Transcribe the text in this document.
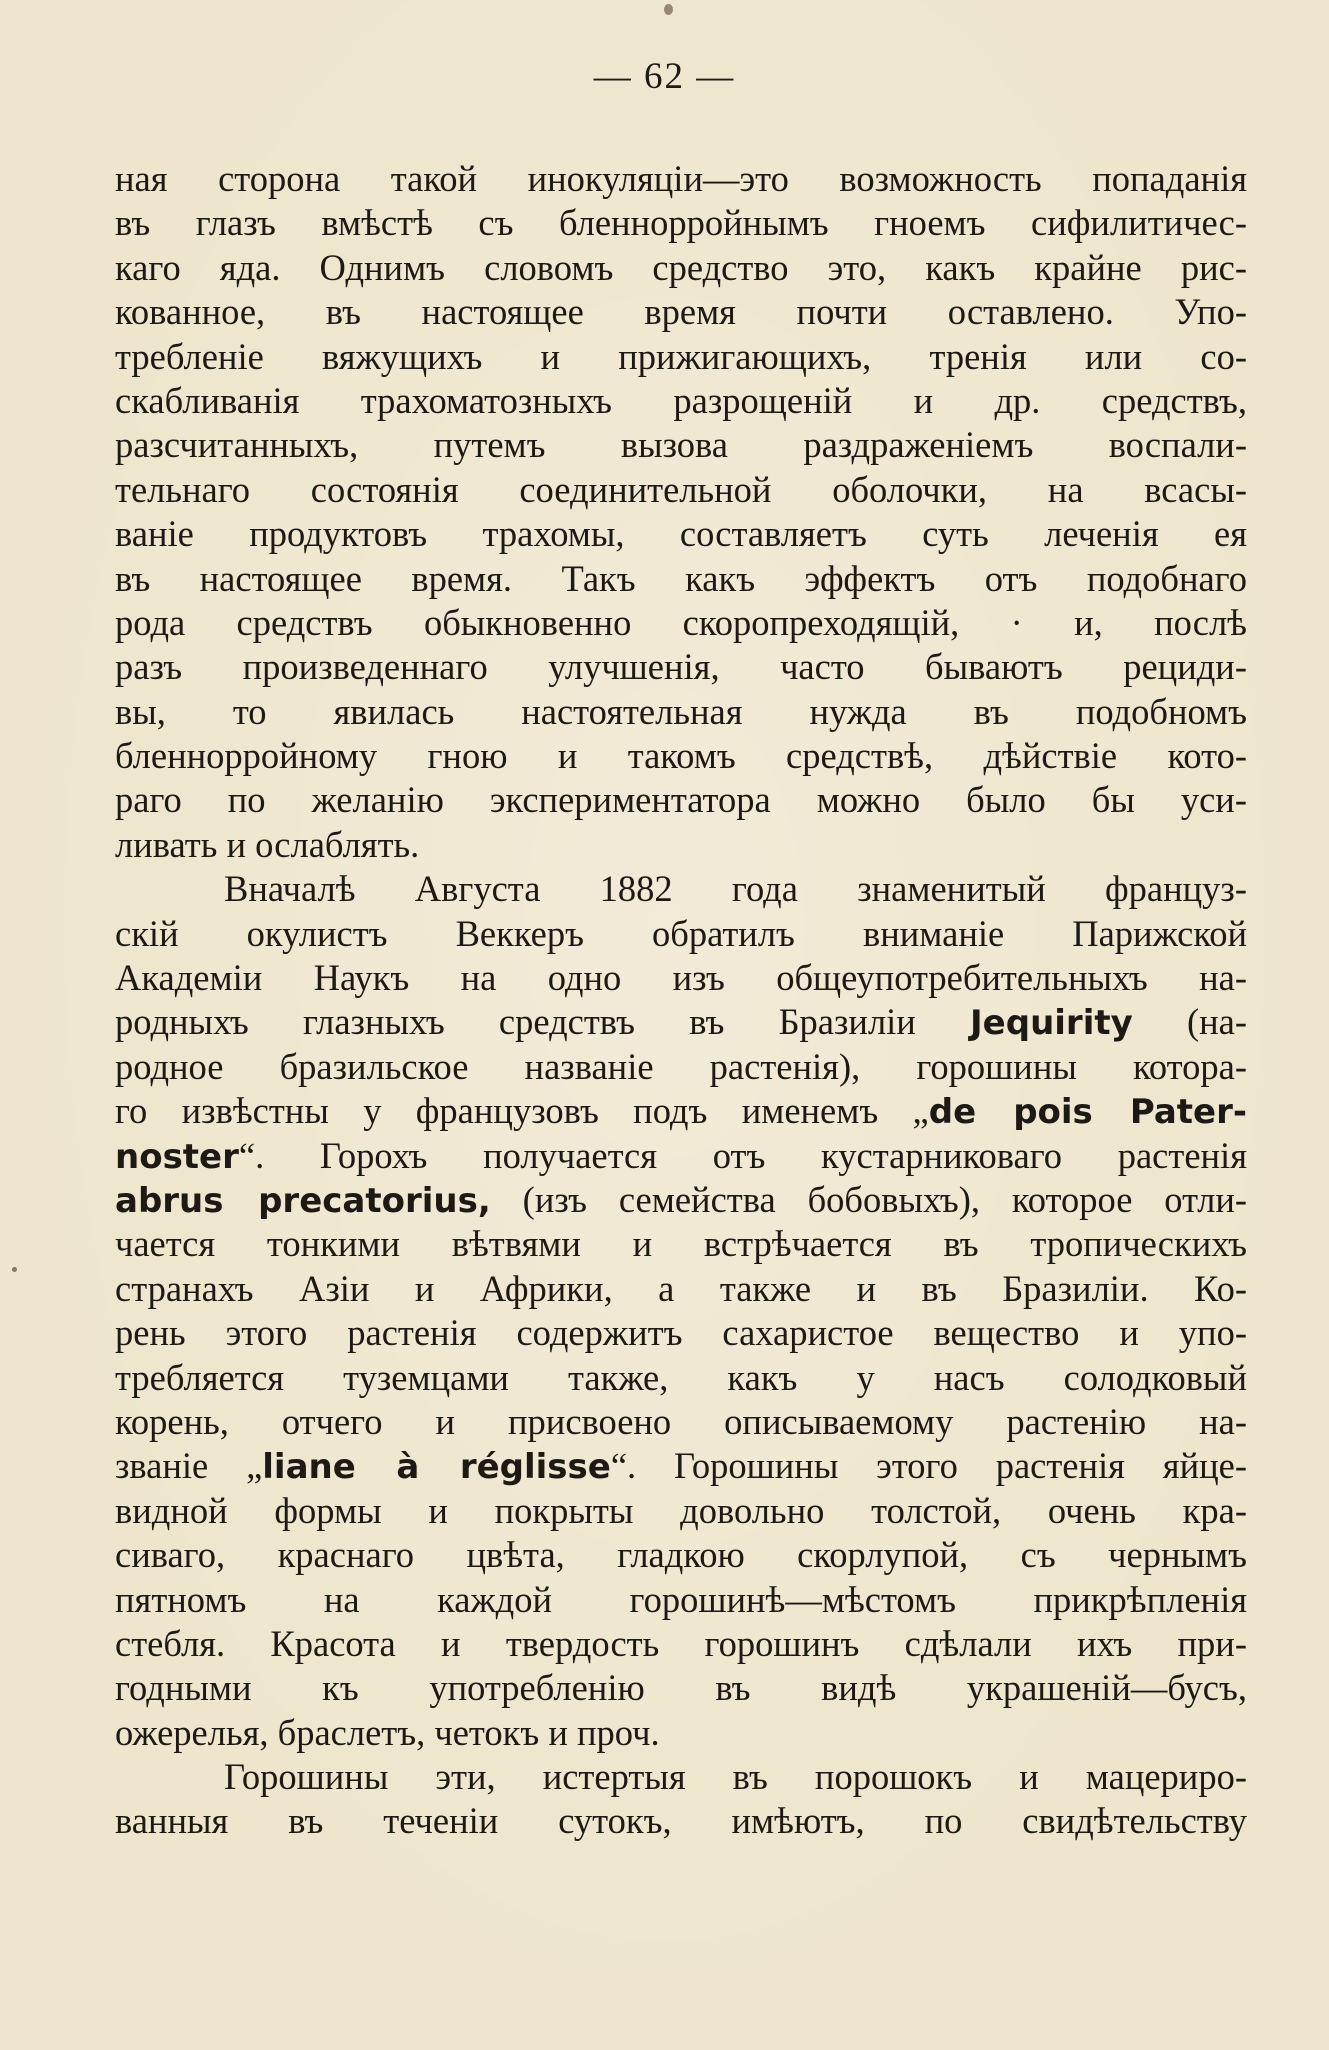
— 62 —
ная сторона такой инокуляціи—это возможность попаданія
въ глазъ вмѣстѣ съ бленнорройнымъ гноемъ сифилитичес-
каго яда. Однимъ словомъ средство это, какъ крайне рис-
кованное, въ настоящее время почти оставлено. Упо-
требленіе вяжущихъ и прижигающихъ, тренія или со-
скабливанія трахоматозныхъ разрощеній и др. средствъ,
разсчитанныхъ, путемъ вызова раздраженіемъ воспали-
тельнаго состоянія соединительной оболочки, на всасы-
ваніе продуктовъ трахомы, составляетъ суть леченія ея
въ настоящее время. Такъ какъ эффектъ отъ подобнаго
рода средствъ обыкновенно скоропреходящій, · и, послѣ
разъ произведеннаго улучшенія, часто бываютъ рециди-
вы, то явилась настоятельная нужда въ подобномъ
бленнорройному гною и такомъ средствѣ, дѣйствіе кото-
раго по желанію экспериментатора можно было бы уси-
ливать и ослаблять.
Вначалѣ Августа 1882 года знаменитый француз-
скій окулистъ Веккеръ обратилъ вниманіе Парижской
Академіи Наукъ на одно изъ общеупотребительныхъ на-
родныхъ глазныхъ средствъ въ Бразиліи Jequirity (на-
родное бразильское названіе растенія), горошины котора-
го извѣстны у французовъ подъ именемъ „de pois Pater-
noster“. Горохъ получается отъ кустарниковаго растенія
abrus precatorius, (изъ семейства бобовыхъ), которое отли-
чается тонкими вѣтвями и встрѣчается въ тропическихъ
странахъ Азіи и Африки, а также и въ Бразиліи. Ко-
рень этого растенія содержитъ сахаристое вещество и упо-
требляется туземцами также, какъ у насъ солодковый
корень, отчего и присвоено описываемому растенію на-
званіе „liane à réglisse“. Горошины этого растенія яйце-
видной формы и покрыты довольно толстой, очень кра-
сиваго, краснаго цвѣта, гладкою скорлупой, съ чернымъ
пятномъ на каждой горошинѣ—мѣстомъ прикрѣпленія
стебля. Красота и твердость горошинъ сдѣлали ихъ при-
годными къ употребленію въ видѣ украшеній—бусъ,
ожерелья, браслетъ, четокъ и проч.
Горошины эти, истертыя въ порошокъ и мацериро-
ванныя въ теченіи сутокъ, имѣютъ, по свидѣтельству
